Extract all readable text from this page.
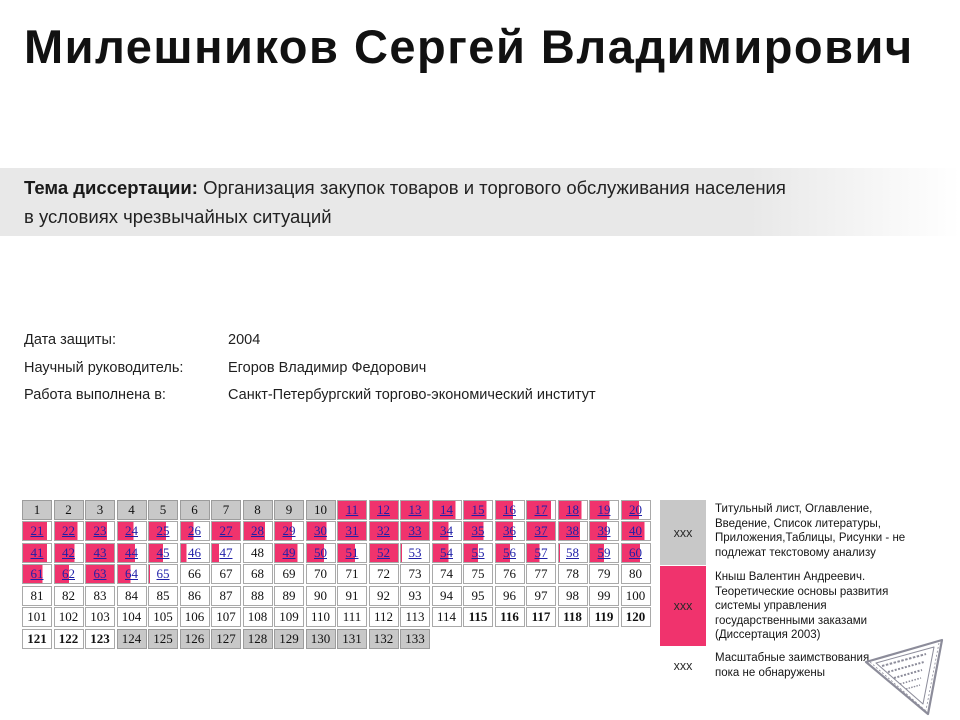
Милешников Сергей Владимирович
Тема диссертации: Организация закупок товаров и торгового обслуживания населения
в условиях чрезвычайных ситуаций
Дата защиты:	2004
Научный руководитель:	Егоров Владимир Федорович
Работа выполнена в:	Санкт-Петербургский торгово-экономический институт
1	2	3	4	5	6	7	8	9	10	11	12	13	14	15	16	17	18	19	20
21	22	23	24	25	26	27	28	29	30	31	32	33	34	35	36	37	38	39	40
41	42	43	44	45	46	47	48	49	50	51	52	53	54	55	56	57	58	59	60
61	62	63	64	65	66	67	68	69	70	71	72	73	74	75	76	77	78	79	80
81	82	83	84	85	86	87	88	89	90	91	92	93	94	95	96	97	98	99	100
101 102 103 104 105 106 107 108 109 110 111 112 113 114 115 116 117 118 119 120
121 122 123 124 125 126 127 128 129 130 131 132 133
xxx
Титульный лист, Оглавление,
Введение, Список литературы,
Приложения,Таблицы, Рисунки - не
подлежат текстовому анализу
xxx
Кныш Валентин Андреевич.
Теоретические основы развития
системы управления
государственными заказами
(Диссертация 2003)
xxx
Масштабные заимствования
пока не обнаружены
